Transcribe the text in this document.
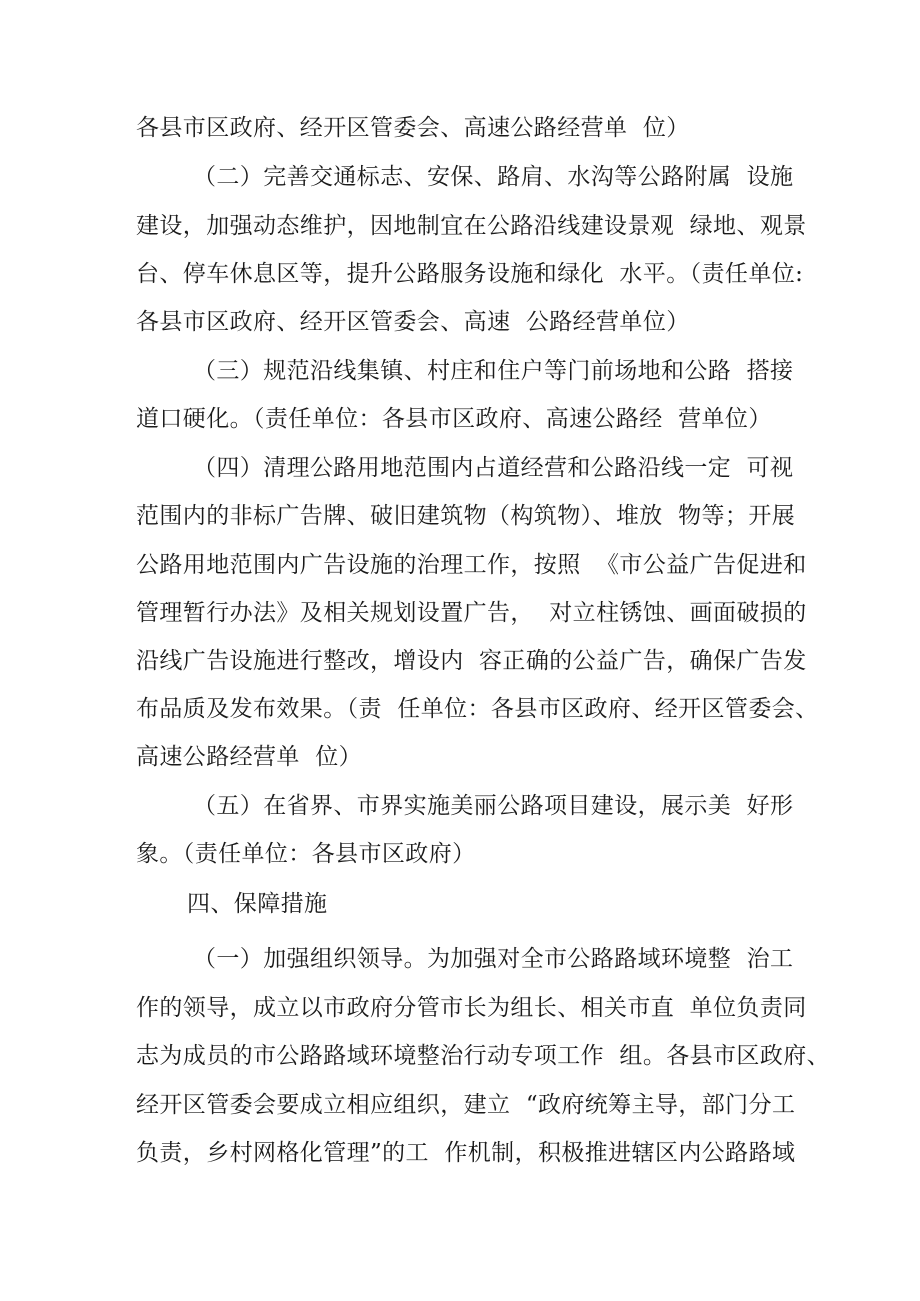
各县市区政府、经开区管委会、高速公路经营单  位）
（二）完善交通标志、安保、路肩、水沟等公路附属  设施
建设，加强动态维护，因地制宜在公路沿线建设景观  绿地、观景
台、停车休息区等，提升公路服务设施和绿化  水平。（责任单位:
各县市区政府、经开区管委会、高速  公路经营单位）
（三）规范沿线集镇、村庄和住户等门前场地和公路  搭接
道口硬化。（责任单位：各县市区政府、高速公路经  营单位）
（四）清理公路用地范围内占道经营和公路沿线一定  可视
范围内的非标广告牌、破旧建筑物（构筑物）、堆放  物等；开展
公路用地范围内广告设施的治理工作，按照  《市公益广告促进和
管理暂行办法》及相关规划设置广告，  对立柱锈蚀、画面破损的
沿线广告设施进行整改，增设内  容正确的公益广告，确保广告发
布品质及发布效果。（责  任单位：各县市区政府、经开区管委会、
高速公路经营单  位）
（五）在省界、市界实施美丽公路项目建设，展示美  好形
象。（责任单位：各县市区政府）
四、保障措施
（一）加强组织领导。为加强对全市公路路域环境整  治工
作的领导，成立以市政府分管市长为组长、相关市直  单位负责同
志为成员的市公路路域环境整治行动专项工作  组。各县市区政府、
经开区管委会要成立相应组织，建立  “政府统筹主导，部门分工
负责，乡村网格化管理”的工  作机制，积极推进辖区内公路路域
